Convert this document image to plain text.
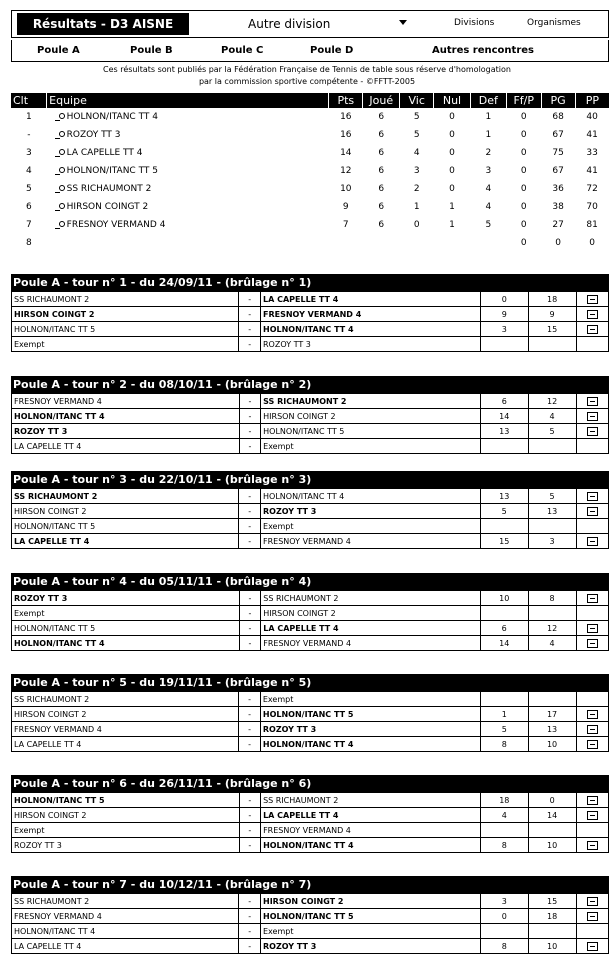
Résultats - D3 AISNE	Autre division	Divisions	Organismes
Poule A	Poule B	Poule C	Poule D	Autres rencontres
Ces résultats sont publiés par la Fédération Française de Tennis de table sous réserve d'homologation
par la commission sportive compétente - ©FFTT-2005
Clt	Equipe	Pts	Joué	Vic	Nul	Def	Ff/P	PG	PP
1	HOLNON/ITANC TT 4	16	6	5	0	1	0	68	40
-	ROZOY TT 3	16	6	5	0	1	0	67	41
3	LA CAPELLE TT 4	14	6	4	0	2	0	75	33
4	HOLNON/ITANC TT 5	12	6	3	0	3	0	67	41
5	SS RICHAUMONT 2	10	6	2	0	4	0	36	72
6	HIRSON COINGT 2	9	6	1	1	4	0	38	70
7	FRESNOY VERMAND 4	7	6	0	1	5	0	27	81
8							0	0	0
Poule A - tour n° 1 - du 24/09/11 - (brûlage n° 1)
SS RICHAUMONT 2	-	LA CAPELLE TT 4	0	18	
HIRSON COINGT 2	-	FRESNOY VERMAND 4	9	9	
HOLNON/ITANC TT 5	-	HOLNON/ITANC TT 4	3	15	
Exempt	-	ROZOY TT 3			
Poule A - tour n° 2 - du 08/10/11 - (brûlage n° 2)
FRESNOY VERMAND 4	-	SS RICHAUMONT 2	6	12	
HOLNON/ITANC TT 4	-	HIRSON COINGT 2	14	4	
ROZOY TT 3	-	HOLNON/ITANC TT 5	13	5	
LA CAPELLE TT 4	-	Exempt			
Poule A - tour n° 3 - du 22/10/11 - (brûlage n° 3)
SS RICHAUMONT 2	-	HOLNON/ITANC TT 4	13	5	
HIRSON COINGT 2	-	ROZOY TT 3	5	13	
HOLNON/ITANC TT 5	-	Exempt			
LA CAPELLE TT 4	-	FRESNOY VERMAND 4	15	3	
Poule A - tour n° 4 - du 05/11/11 - (brûlage n° 4)
ROZOY TT 3	-	SS RICHAUMONT 2	10	8	
Exempt	-	HIRSON COINGT 2			
HOLNON/ITANC TT 5	-	LA CAPELLE TT 4	6	12	
HOLNON/ITANC TT 4	-	FRESNOY VERMAND 4	14	4	
Poule A - tour n° 5 - du 19/11/11 - (brûlage n° 5)
SS RICHAUMONT 2	-	Exempt			
HIRSON COINGT 2	-	HOLNON/ITANC TT 5	1	17	
FRESNOY VERMAND 4	-	ROZOY TT 3	5	13	
LA CAPELLE TT 4	-	HOLNON/ITANC TT 4	8	10	
Poule A - tour n° 6 - du 26/11/11 - (brûlage n° 6)
HOLNON/ITANC TT 5	-	SS RICHAUMONT 2	18	0	
HIRSON COINGT 2	-	LA CAPELLE TT 4	4	14	
Exempt	-	FRESNOY VERMAND 4			
ROZOY TT 3	-	HOLNON/ITANC TT 4	8	10	
Poule A - tour n° 7 - du 10/12/11 - (brûlage n° 7)
SS RICHAUMONT 2	-	HIRSON COINGT 2	3	15	
FRESNOY VERMAND 4	-	HOLNON/ITANC TT 5	0	18	
HOLNON/ITANC TT 4	-	Exempt			
LA CAPELLE TT 4	-	ROZOY TT 3	8	10	
